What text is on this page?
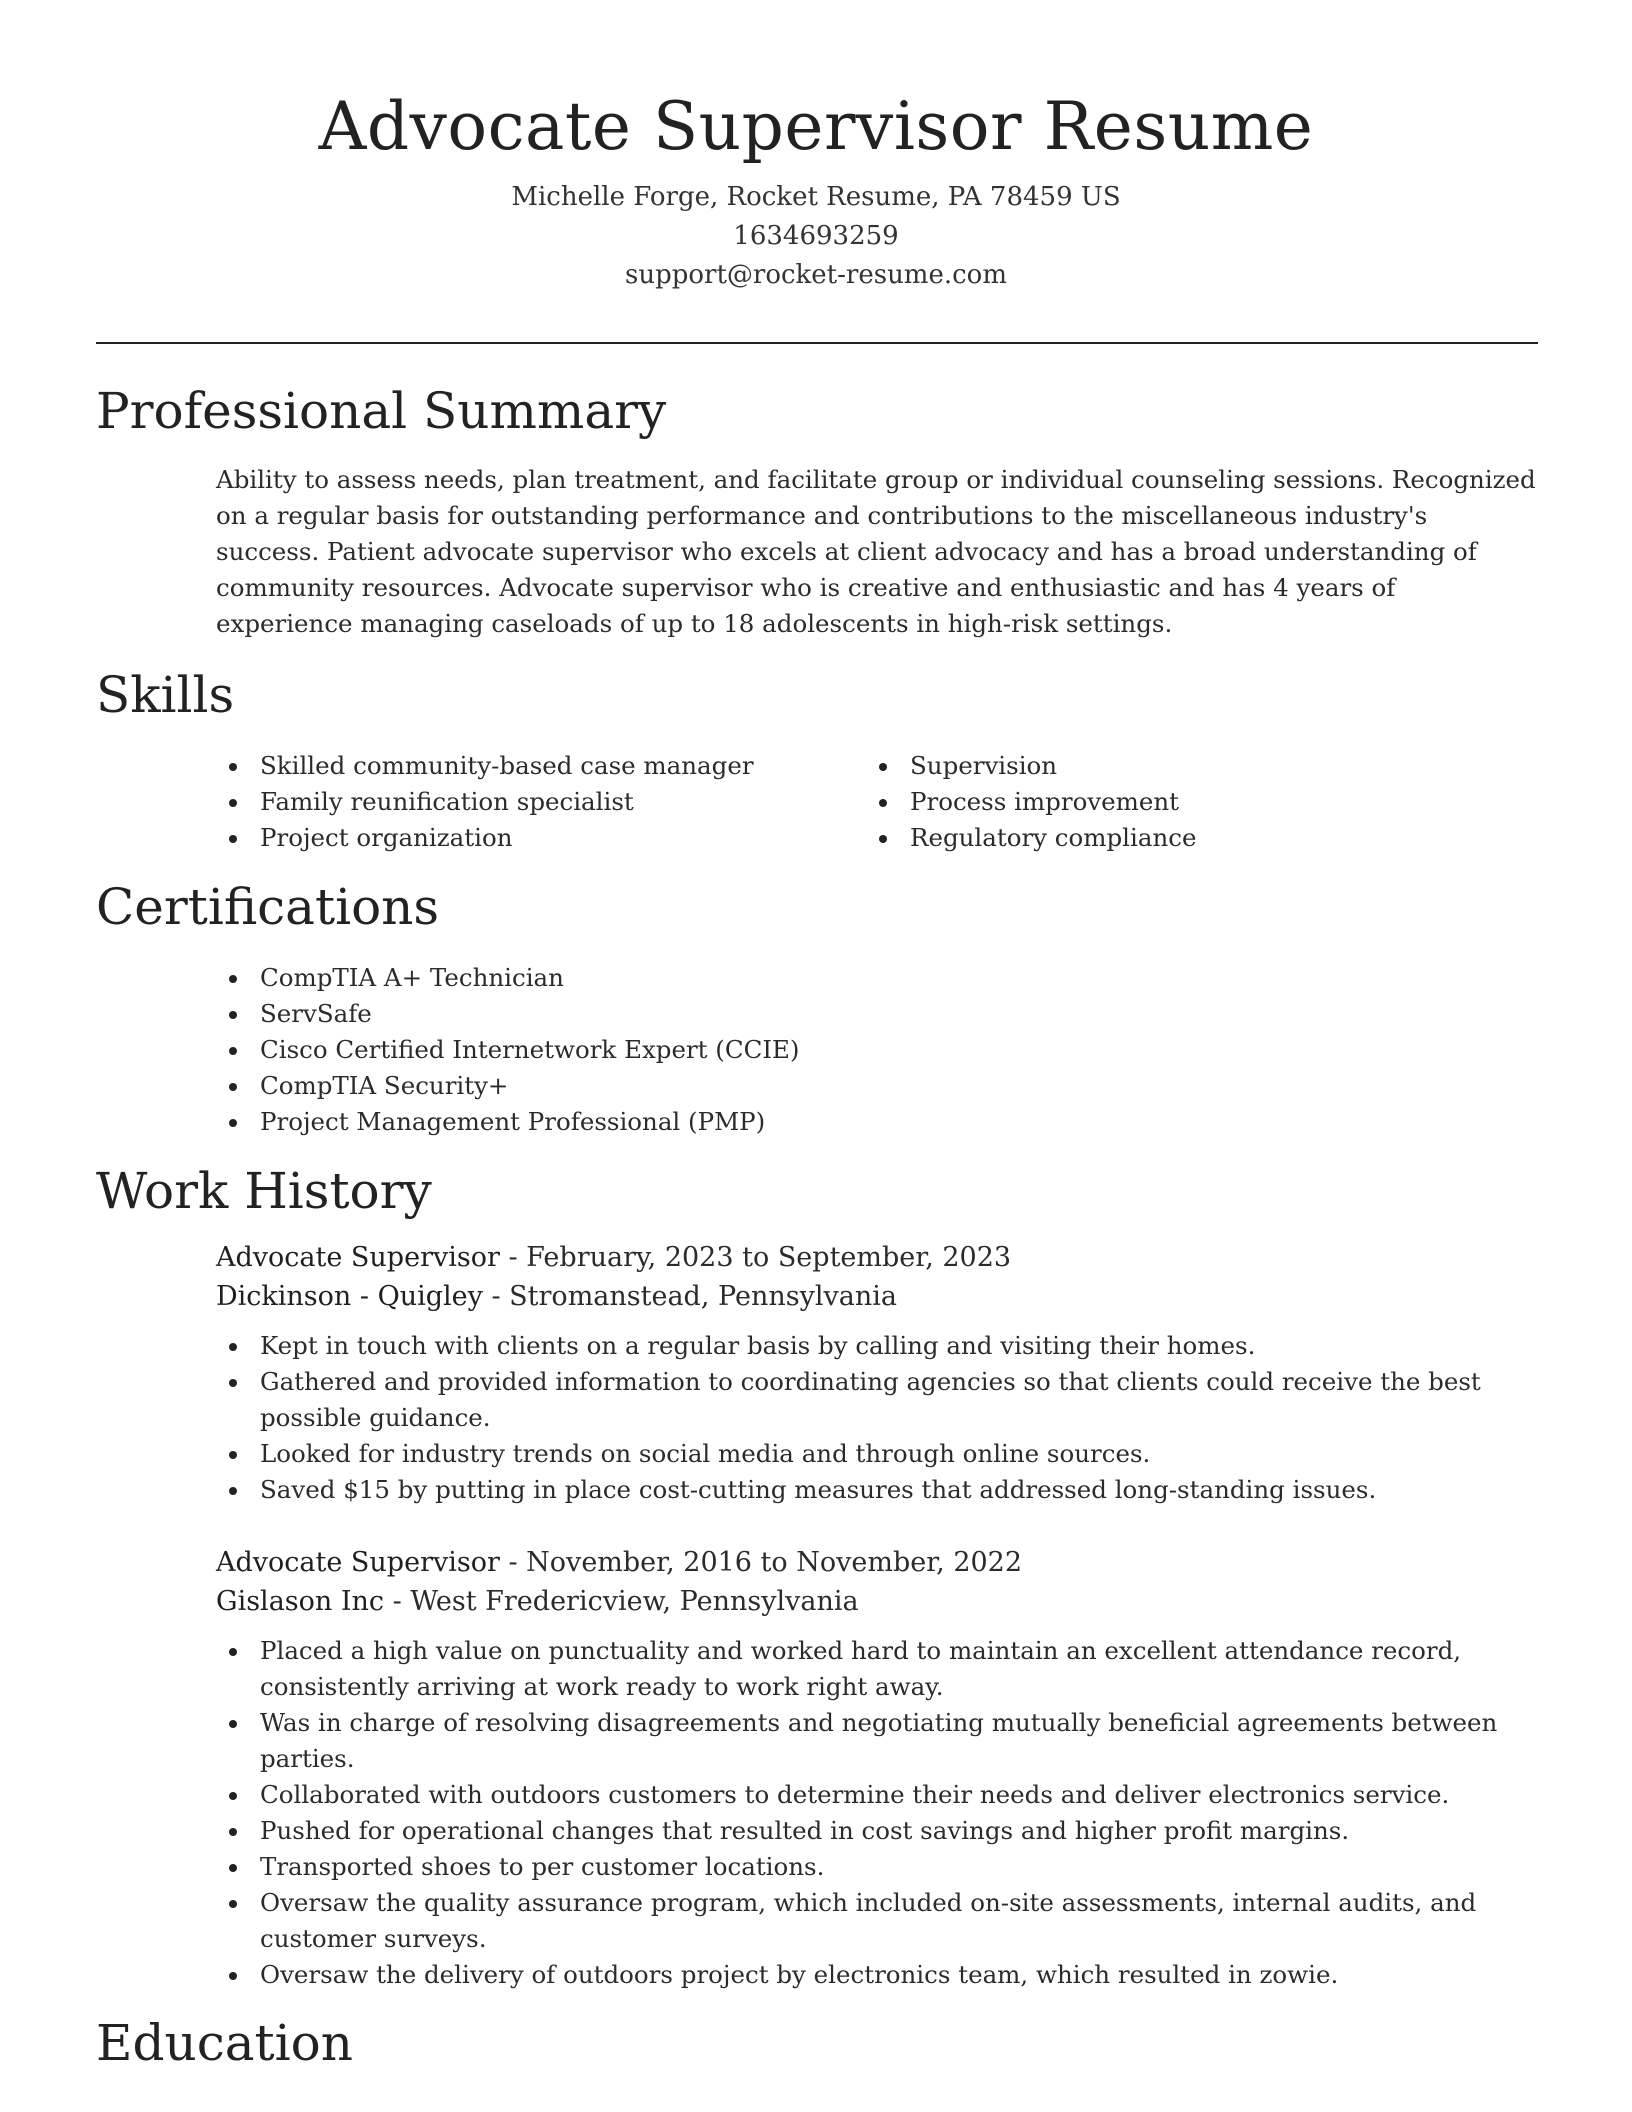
Advocate Supervisor Resume
Michelle Forge, Rocket Resume, PA 78459 US
1634693259
support@rocket-resume.com
Professional Summary

Ability to assess needs, plan treatment, and facilitate group or individual counseling sessions. Recognized on a regular basis for outstanding performance and contributions to the miscellaneous industry's success. Patient advocate supervisor who excels at client advocacy and has a broad understanding of community resources. Advocate supervisor who is creative and enthusiastic and has 4 years of experience managing caseloads of up to 18 adolescents in high-risk settings.

Skills
Skilled community-based case manager
Family reunification specialist
Project organization
Supervision
Process improvement
Regulatory compliance
Certifications
CompTIA A+ Technician
ServSafe
Cisco Certified Internetwork Expert (CCIE)
CompTIA Security+
Project Management Professional (PMP)
Work History
Advocate Supervisor - February, 2023 to September, 2023
Dickinson - Quigley - Stromanstead, Pennsylvania
Kept in touch with clients on a regular basis by calling and visiting their homes.
Gathered and provided information to coordinating agencies so that clients could receive the best possible guidance.
Looked for industry trends on social media and through online sources.
Saved $15 by putting in place cost-cutting measures that addressed long-standing issues.
Advocate Supervisor - November, 2016 to November, 2022
Gislason Inc - West Fredericview, Pennsylvania
Placed a high value on punctuality and worked hard to maintain an excellent attendance record, consistently arriving at work ready to work right away.
Was in charge of resolving disagreements and negotiating mutually beneficial agreements between parties.
Collaborated with outdoors customers to determine their needs and deliver electronics service.
Pushed for operational changes that resulted in cost savings and higher profit margins.
Transported shoes to per customer locations.
Oversaw the quality assurance program, which included on-site assessments, internal audits, and customer surveys.
Oversaw the delivery of outdoors project by electronics team, which resulted in zowie.
Education
